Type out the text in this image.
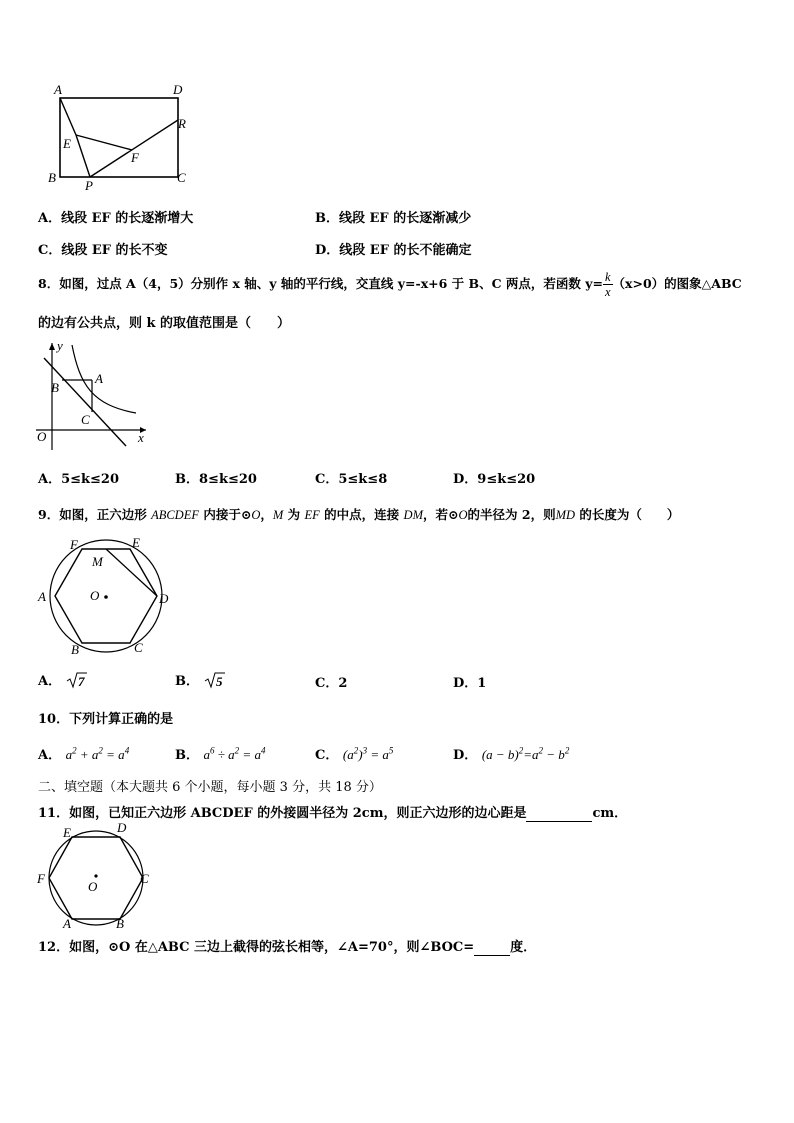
A	D
E
R
F
B
P
C
A．线段 EF 的长逐渐增大	B．线段 EF 的长逐渐减少
C．线段 EF 的长不变	D．线段 EF 的长不能确定
8．如图，过点 A（4，5）分别作 x 轴、y 轴的平行线，交直线 y=-x+6 于 B、C 两点，若函数 $y= \frac{k}{x} (x>0)$的图象△ABC
的边有公共点，则 k 的取值范围是（　　）
y
A
B
C
O	x
A．5≤k≤20	B．8≤k≤20	C．5≤k≤8	D．9≤k≤20
9．如图，正六边形 ABCDEF 内接于⊙O，M 为 EF 的中点，连接 DM，若⊙O的半径为 2，则MD 的长度为（　　）
F	E
M
A	O	D
B	C
A． 7	B． 5	C．2	D．1
10．下列计算正确的是
A． $a^2 + a^2 = a^4$	B． $a^6 \div a^2 = a^4$	C． $(a^2)^3 = a^5$	D． $(a - b)^2=a^2 - b^2$
二、填空题（本大题共 6 个小题，每小题 3 分，共 18 分）
11．如图，已知正六边形 ABCDEF 的外接圆半径为 2cm，则正六边形的边心距是	cm．
E	D
F
O
C
A	B
12．如图，⊙O 在△ABC 三边上截得的弦长相等，∠A=70°，则∠BOC=	度．
